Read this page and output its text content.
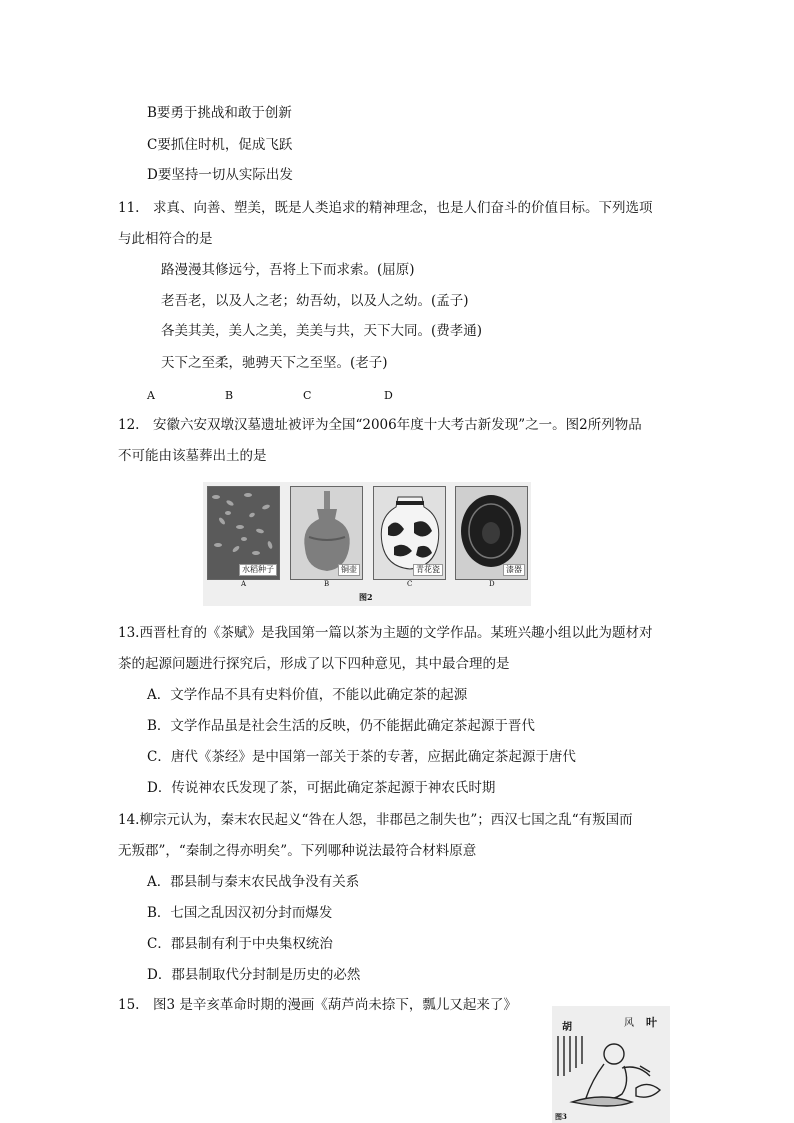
B要勇于挑战和敢于创新
C要抓住时机，促成飞跃
D要坚持一切从实际出发
11.　求真、向善、塑美，既是人类追求的精神理念，也是人们奋斗的价值目标。下列选项
与此相符合的是
路漫漫其修远兮，吾将上下而求索。(屈原)
老吾老，以及人之老；幼吾幼，以及人之幼。(孟子)
各美其美，美人之美，美美与共，天下大同。(费孝通)
天下之至柔，驰骋天下之至坚。(老子)
A	B	C	D
12.　安徽六安双墩汉墓遗址被评为全国“2006年度十大考古新发现”之一。图2所列物品
不可能由该墓葬出土的是
水稻种子	铜壶	青花瓷	漆器
A	B	C	D
图2
13.西晋杜育的《茶赋》是我国第一篇以茶为主题的文学作品。某班兴趣小组以此为题材对
茶的起源问题进行探究后，形成了以下四种意见，其中最合理的是
A．文学作品不具有史料价值，不能以此确定茶的起源
B．文学作品虽是社会生活的反映，仍不能据此确定茶起源于晋代
C．唐代《茶经》是中国第一部关于茶的专著，应据此确定茶起源于唐代
D．传说神农氏发现了茶，可据此确定茶起源于神农氏时期
14.柳宗元认为，秦末农民起义“咎在人怨，非郡邑之制失也”；西汉七国之乱“有叛国而
无叛郡”，“秦制之得亦明矣”。下列哪种说法最符合材料原意
A．郡县制与秦末农民战争没有关系
B．七国之乱因汉初分封而爆发
C．郡县制有利于中央集权统治
D．郡县制取代分封制是历史的必然
15.　图3 是辛亥革命时期的漫画《葫芦尚未捺下，瓢儿又起来了》
胡	叶
风
图3
